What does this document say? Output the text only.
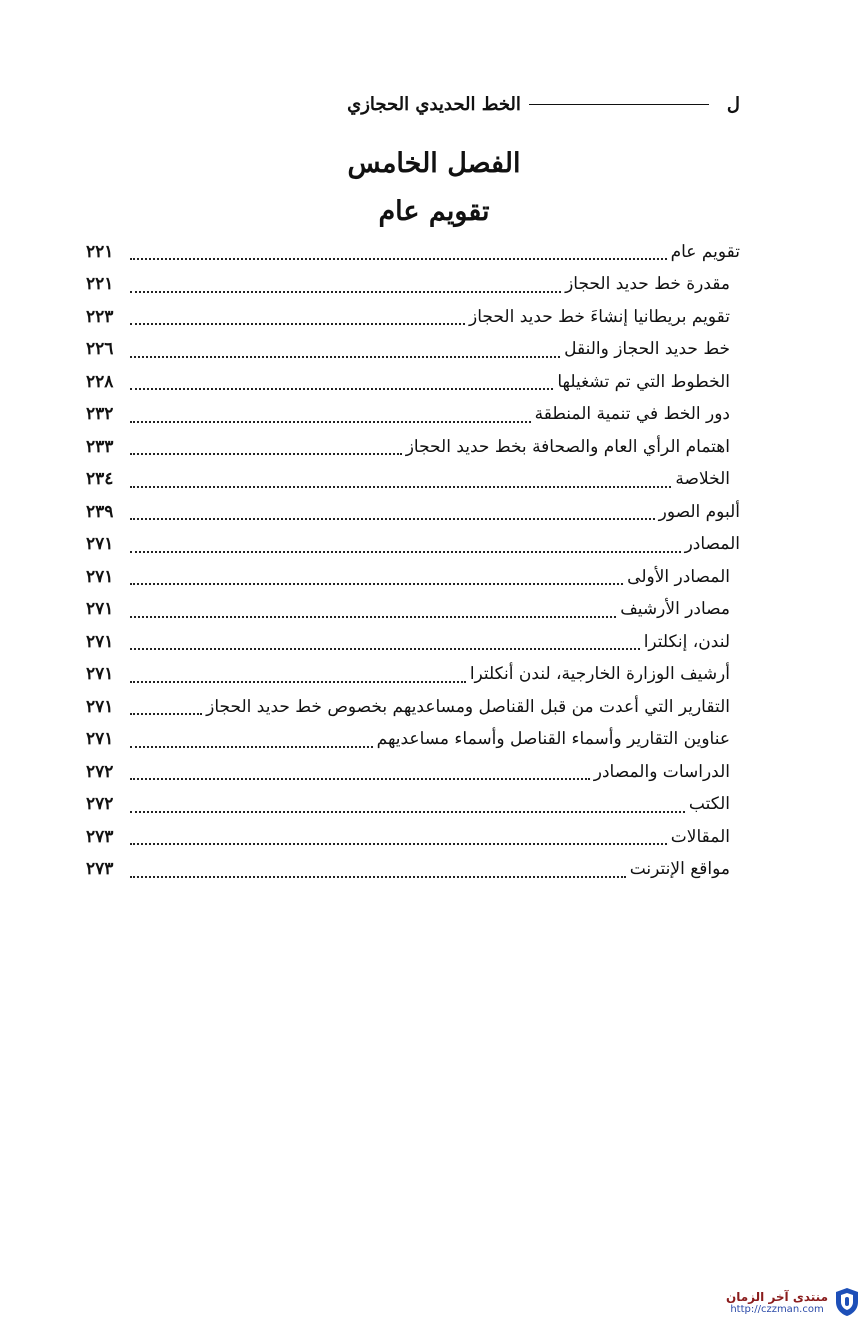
ل
الخط الحديدي الحجازي
الفصل الخامس
تقويم عام
تقويم عام
٢٢١
مقدرة خط حديد الحجاز
٢٢١
تقويم بريطانيا إنشاءَ خط حديد الحجاز
٢٢٣
خط حديد الحجاز والنقل
٢٢٦
الخطوط التي تم تشغيلها
٢٢٨
دور الخط في تنمية المنطقة
٢٣٢
اهتمام الرأي العام والصحافة بخط حديد الحجاز
٢٣٣
الخلاصة
٢٣٤
ألبوم الصور
٢٣٩
المصادر
٢٧١
المصادر الأولى
٢٧١
مصادر الأرشيف
٢٧١
لندن، إنكلترا
٢٧١
أرشيف الوزارة الخارجية، لندن أنكلترا
٢٧١
التقارير التي أعدت من قبل القناصل ومساعديهم بخصوص خط حديد الحجاز
٢٧١
عناوين التقارير وأسماء القناصل وأسماء مساعديهم
٢٧١
الدراسات والمصادر
٢٧٢
الكتب
٢٧٢
المقالات
٢٧٣
مواقع الإنترنت
٢٧٣
منتدى آخر الزمان
http://czzman.com
